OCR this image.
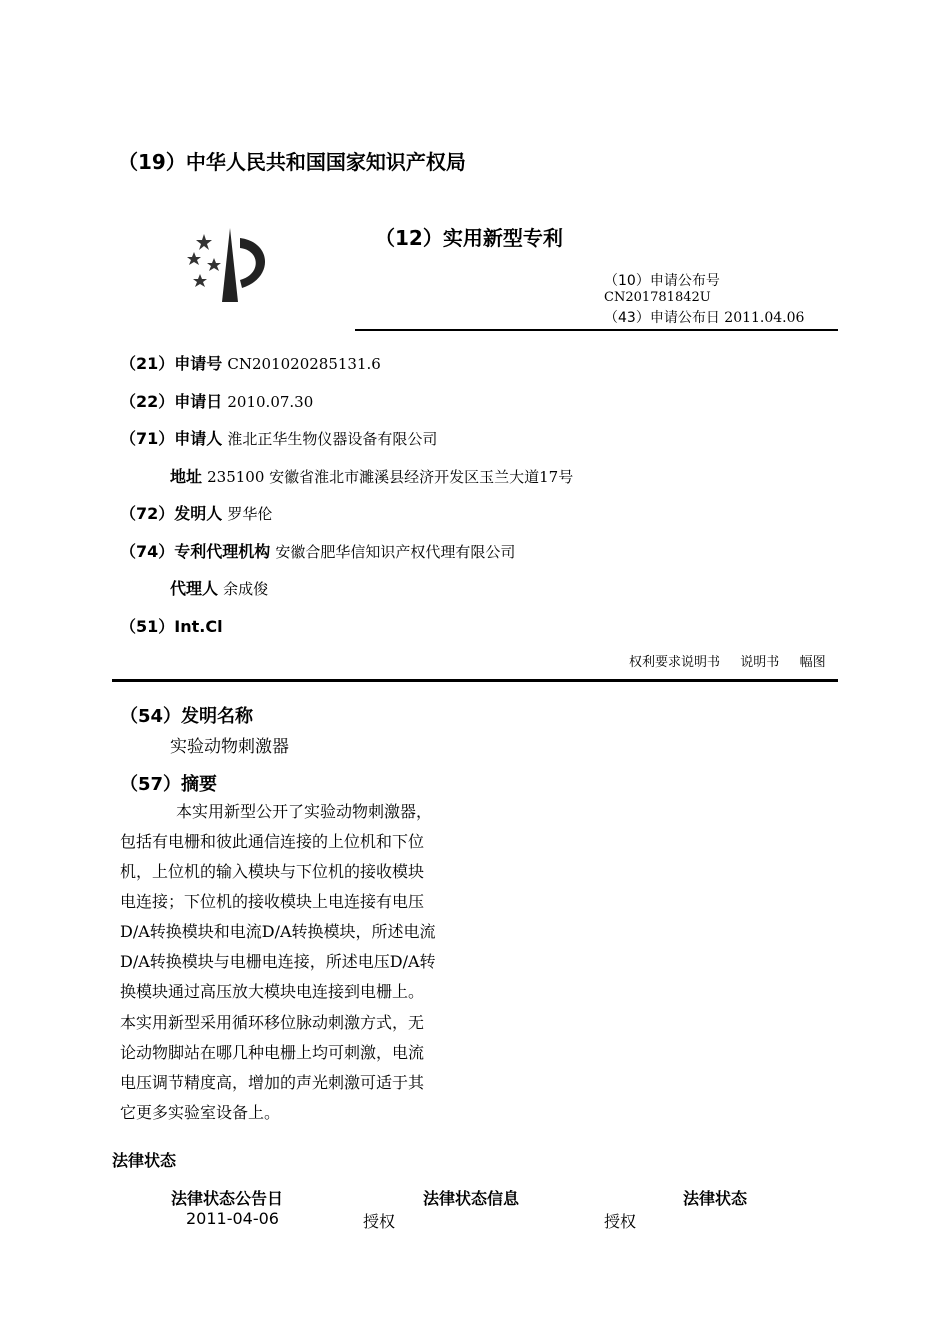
（19）中华人民共和国国家知识产权局
（12）实用新型专利
（10）申请公布号
CN201781842U
（43）申请公布日 2011.04.06
（21）申请号 CN201020285131.6
（22）申请日 2010.07.30
（71）申请人 淮北正华生物仪器设备有限公司
地址 235100 安徽省淮北市濉溪县经济开发区玉兰大道17号
（72）发明人 罗华伦
（74）专利代理机构 安徽合肥华信知识产权代理有限公司
代理人 余成俊
（51）Int.Cl
权利要求说明书 说明书 幅图
（54）发明名称
实验动物刺激器
（57）摘要
本实用新型公开了实验动物刺激器，
包括有电栅和彼此通信连接的上位机和下位
机，上位机的输入模块与下位机的接收模块
电连接；下位机的接收模块上电连接有电压
D/A转换模块和电流D/A转换模块，所述电流
D/A转换模块与电栅电连接，所述电压D/A转
换模块通过高压放大模块电连接到电栅上。
本实用新型采用循环移位脉动刺激方式，无
论动物脚站在哪几种电栅上均可刺激，电流
电压调节精度高，增加的声光刺激可适于其
它更多实验室设备上。
法律状态
法律状态公告日	法律状态信息	法律状态
2011-04-06	授权	授权
